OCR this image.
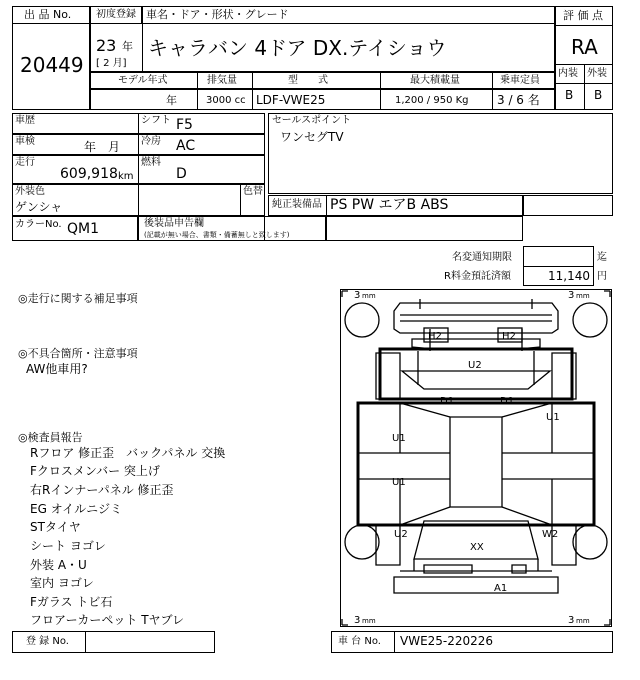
出 品 No.
20449
初度登録 車名・ドア・形状・グレード
23 年
[ 2 月]
キャラバン 4ドア DX.テイショウ
評 価 点
RA
内装 外装
B B
モデル年式	排気量	型　　式	最大積載量	乗車定員
年	3000 cc LDF-VWE25	1,200 / 950 Kg 3 / 6 名
車歴	シフト F5
車検	年　月 冷房 AC
走行
609,918 km
燃料
D
外装色
ゲンシャ
色替
カラーNo. QM1	後装品申告欄
(記載が無い場合、書類・備蓄無しと致します)
セールスポイント
ワンセグTV
純正装備品 PS PW エアB ABS
名変通知期限	迄
R料金預託済額	11,140 円
◎走行に関する補足事項
◎不具合箇所・注意事項
AW他車用?
◎検査員報告
Rフロア 修正歪　バックパネル 交換
Fクロスメンバー 突上げ
右Rインナーパネル 修正歪
EG オイルニジミ
STタイヤ
シート ヨゴレ
外装 A・U
室内 ヨゴレ
Fガラス トビ石
フロアーカーペット Tヤブレ
3 mm	3 mm
3 mm	3 mm
H2	H2
U2
D1	D1
U1
U1
U1
W2
U2
XX
A1
登 録 No.	車 台 No. VWE25-220226
